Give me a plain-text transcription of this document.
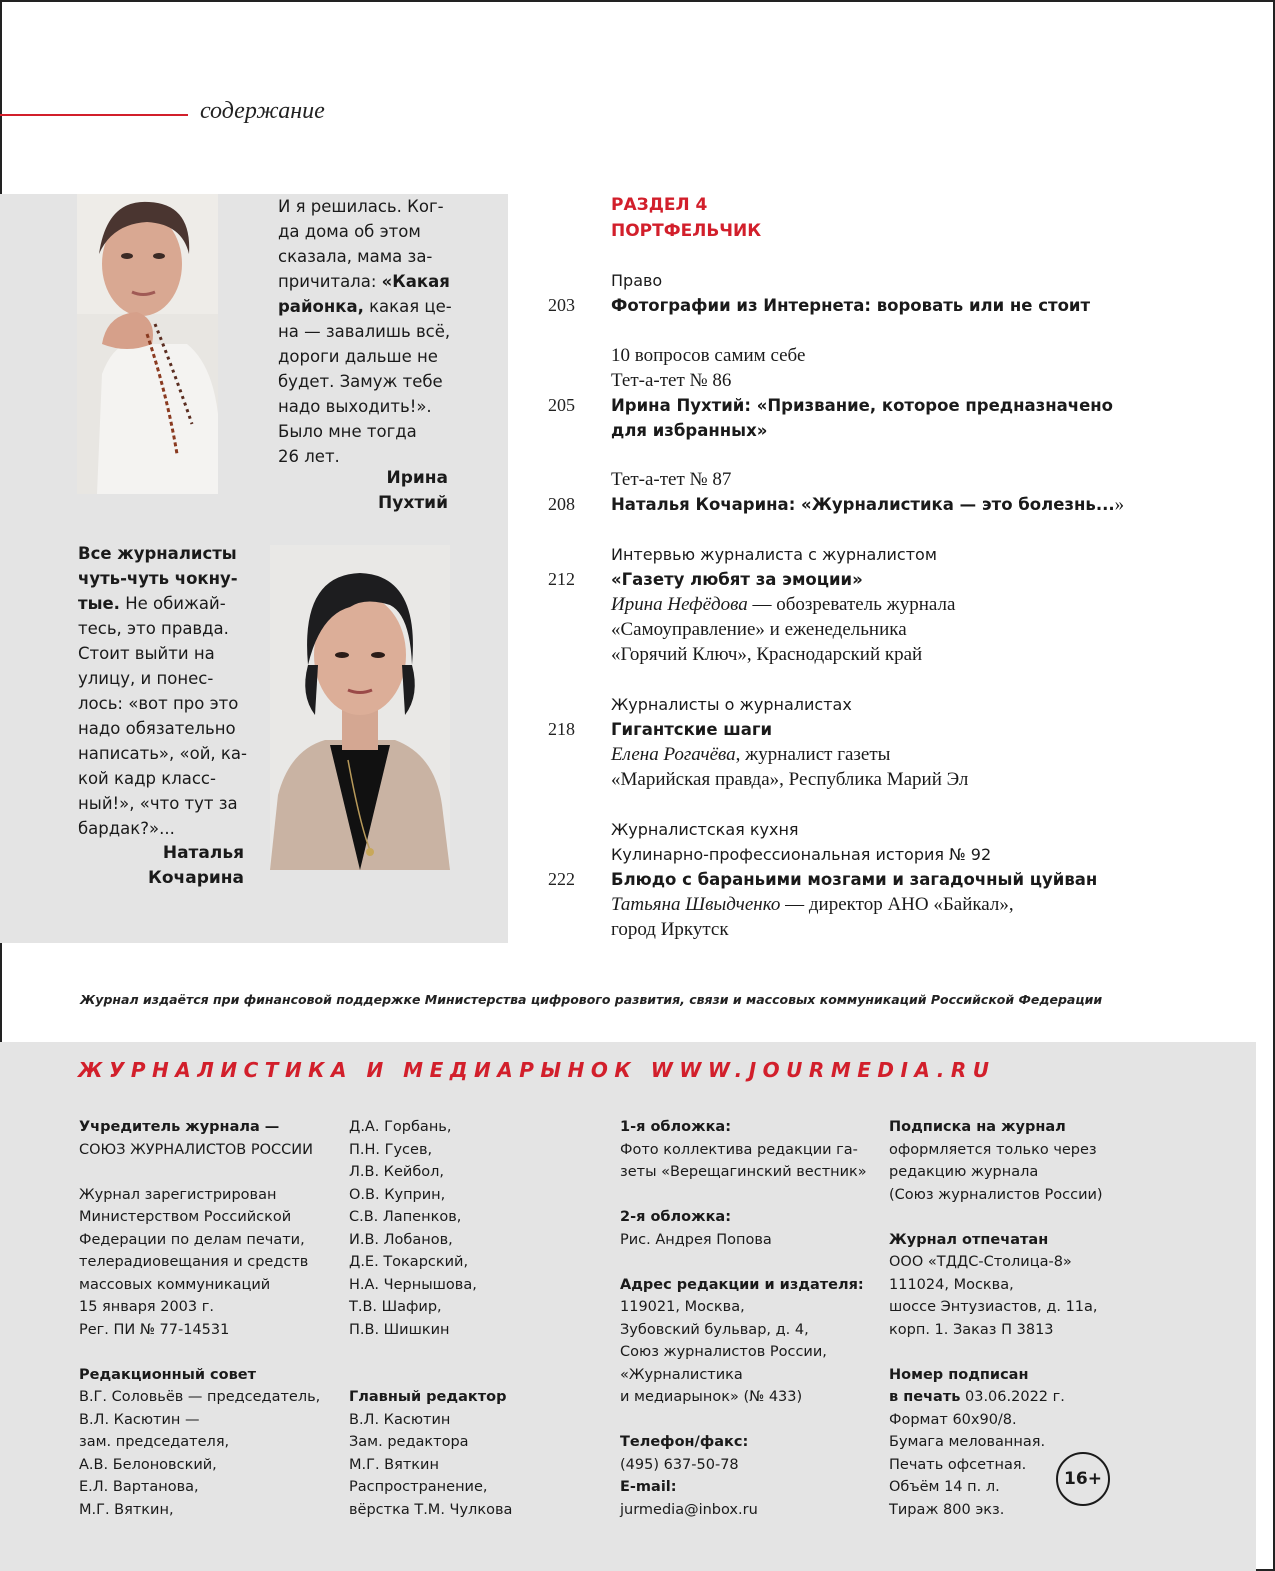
содержание
И я решилась. Ког-
да дома об этом
сказала, мама за-
причитала: «Какая
районка, какая це-
на — завалишь всё,
дороги дальше не
будет. Замуж тебе
надо выходить!».
Было мне тогда
26 лет.
Ирина
Пухтий
Все журналисты
чуть-чуть чокну-
тые. Не обижай-
тесь, это правда.
Стоит выйти на
улицу, и понес-
лось: «вот про это
надо обязательно
написать», «ой, ка-
кой кадр класс-
ный!», «что тут за
бардак?»...
Наталья
Кочарина
РАЗДЕЛ 4
ПОРТФЕЛЬЧИК
Право
203 Фотографии из Интернета: воровать или не стоит
10 вопросов самим себе
Тет-а-тет № 86
205 Ирина Пухтий: «Призвание, которое предназначено
для избранных»
Тет-а-тет № 87
208 Наталья Кочарина: «Журналистика — это болезнь...»
Интервью журналиста с журналистом
212 «Газету любят за эмоции»
Ирина Нефёдова — обозреватель журнала
«Самоуправление» и еженедельника
«Горячий Ключ», Краснодарский край
Журналисты о журналистах
218 Гигантские шаги
Елена Рогачёва, журналист газеты
«Марийская правда», Республика Марий Эл
Журналистская кухня
Кулинарно-профессиональная история № 92
222 Блюдо с бараньими мозгами и загадочный цуйван
Татьяна Швыдченко — директор АНО «Байкал»,
город Иркутск
Журнал издаётся при финансовой поддержке Министерства цифрового развития, связи и массовых коммуникаций Российской Федерации
ЖУРНАЛИСТИКА И МЕДИАРЫНОК WWW.JOURMEDIA.RU
Учредитель журнала —
СОЮЗ ЖУРНАЛИСТОВ РОССИИ
Журнал зарегистрирован
Министерством Российской
Федерации по делам печати,
телерадиовещания и средств
массовых коммуникаций
15 января 2003 г.
Рег. ПИ № 77-14531
Редакционный совет
В.Г. Соловьёв — председатель,
В.Л. Касютин —
зам. председателя,
А.В. Белоновский,
Е.Л. Вартанова,
М.Г. Вяткин,
Д.А. Горбань,
П.Н. Гусев,
Л.В. Кейбол,
О.В. Куприн,
С.В. Лапенков,
И.В. Лобанов,
Д.Е. Токарский,
Н.А. Чернышова,
Т.В. Шафир,
П.В. Шишкин
Главный редактор
В.Л. Касютин
Зам. редактора
М.Г. Вяткин
Распространение,
вёрстка Т.М. Чулкова
1-я обложка:
Фото коллектива редакции га-
зеты «Верещагинский вестник»
2-я обложка:
Рис. Андрея Попова
Адрес редакции и издателя:
119021, Москва,
Зубовский бульвар, д. 4,
Союз журналистов России,
«Журналистика
и медиарынок» (№ 433)
Телефон/факс:
(495) 637-50-78
E-mail:
jurmedia@inbox.ru
Подписка на журнал
оформляется только через
редакцию журнала
(Союз журналистов России)
Журнал отпечатан
ООО «ТДДС-Столица-8»
111024, Москва,
шоссе Энтузиастов, д. 11а,
корп. 1. Заказ П 3813
Номер подписан
в печать 03.06.2022 г.
Формат 60х90/8.
Бумага мелованная.
Печать офсетная.
Объём 14 п. л.
Тираж 800 экз.
16+
